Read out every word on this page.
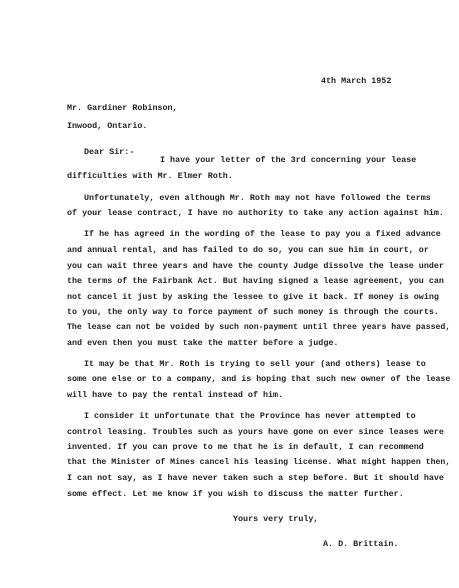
4th March 1952
Mr. Gardiner Robinson,
Inwood, Ontario.
Dear Sir:-
I have your letter of the 3rd concerning your lease
difficulties with Mr. Elmer Roth.
Unfortunately, even although Mr. Roth may not have followed the terms
of your lease contract, I have no authority to take any action against him.
If he has agreed in the wording of the lease to pay you a fixed advance
and annual rental, and has failed to do so, you can sue him in court, or
you can wait three years and have the county Judge dissolve the lease under
the terms of the Fairbank Act. But having signed a lease agreement, you can
not cancel it just by asking the lessee to give it back. If money is owing
to you, the only way to force payment of such money is through the courts.
The lease can not be voided by such non-payment until three years have passed,
and even then you must take the matter before a judge.
It may be that Mr. Roth is trying to sell your (and others) lease to
some one else or to a company, and is hoping that such new owner of the lease
will have to pay the rental instead of him.
I consider it unfortunate that the Province has never attempted to
control leasing. Troubles such as yours have gone on ever since leases were
invented. If you can prove to me that he is in default, I can recommend
that the Minister of Mines cancel his leasing license. What might happen then,
I can not say, as I have never taken such a step before. But it should have
some effect. Let me know if you wish to discuss the matter further.
Yours very truly,
A. D. Brittain.
